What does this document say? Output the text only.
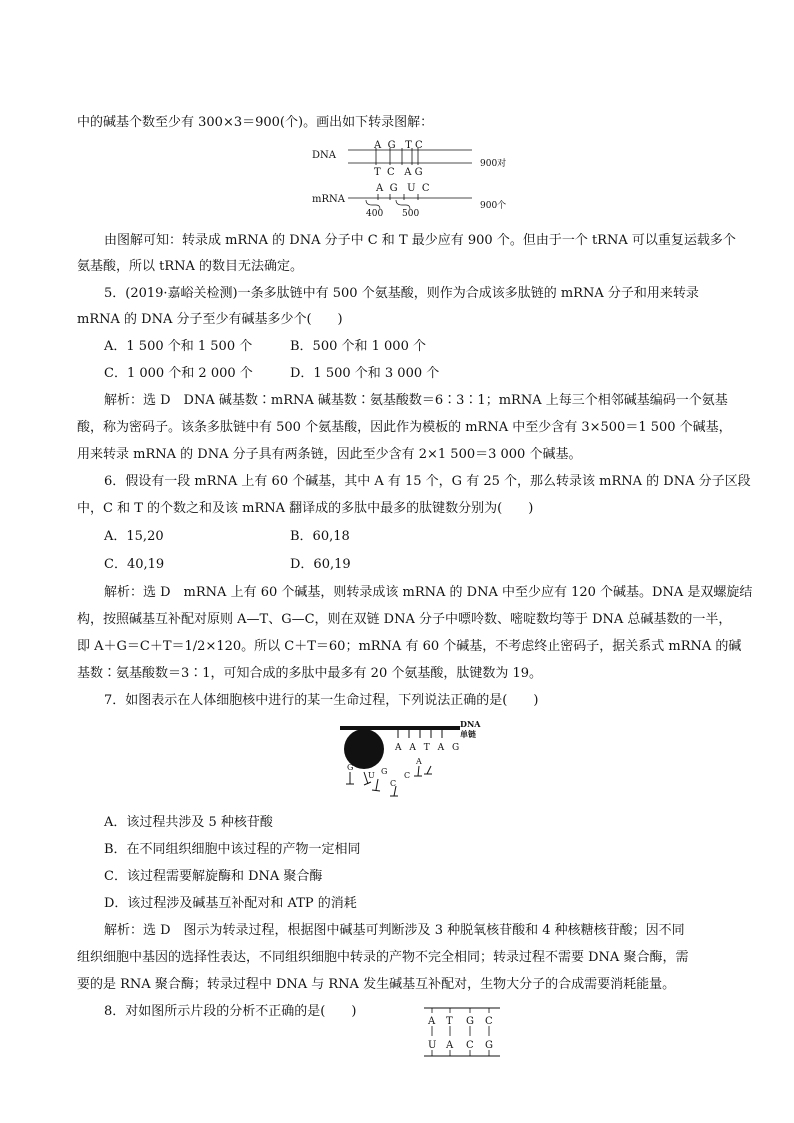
中的碱基个数至少有 300×3＝900(个)。画出如下转录图解：
DNA
A  G   T C
T  C   A G
900对
mRNA
A  G   U  C
400 500
900个
由图解可知：转录成 mRNA 的 DNA 分子中 C 和 T 最少应有 900 个。但由于一个 tRNA 可以重复运载多个
氨基酸，所以 tRNA 的数目无法确定。
5．(2019·嘉峪关检测)一条多肽链中有 500 个氨基酸，则作为合成该多肽链的 mRNA 分子和用来转录
mRNA 的 DNA 分子至少有碱基多少个(　　)
A．1 500 个和 1 500 个	B．500 个和 1 000 个
C．1 000 个和 2 000 个	D．1 500 个和 3 000 个
解析：选 D　DNA 碱基数∶mRNA 碱基数∶氨基酸数＝6∶3∶1；mRNA 上每三个相邻碱基编码一个氨基
酸，称为密码子。该条多肽链中有 500 个氨基酸，因此作为模板的 mRNA 中至少含有 3×500＝1 500 个碱基，
用来转录 mRNA 的 DNA 分子具有两条链，因此至少含有 2×1 500＝3 000 个碱基。
6．假设有一段 mRNA 上有 60 个碱基，其中 A 有 15 个，G 有 25 个，那么转录该 mRNA 的 DNA 分子区段
中，C 和 T 的个数之和及该 mRNA 翻译成的多肽中最多的肽键数分别为(　　)
A．15,20	B．60,18
C．40,19	D．60,19
解析：选 D　mRNA 上有 60 个碱基，则转录成该 mRNA 的 DNA 中至少应有 120 个碱基。DNA 是双螺旋结
构，按照碱基互补配对原则 A—T、G—C，则在双链 DNA 分子中嘌呤数、嘧啶数均等于 DNA 总碱基数的一半，
即 A＋G＝C＋T＝1/2×120。所以 C＋T＝60；mRNA 有 60 个碱基，不考虑终止密码子，据关系式 mRNA 的碱
基数∶氨基酸数＝3∶1，可知合成的多肽中最多有 20 个氨基酸，肽键数为 19。
7．如图表示在人体细胞核中进行的某一生命过程，下列说法正确的是(　　)
DNA
单链
A A T A G
A
G C
G
U
C
A．该过程共涉及 5 种核苷酸
B．在不同组织细胞中该过程的产物一定相同
C．该过程需要解旋酶和 DNA 聚合酶
D．该过程涉及碱基互补配对和 ATP 的消耗
解析：选 D　图示为转录过程，根据图中碱基可判断涉及 3 种脱氧核苷酸和 4 种核糖核苷酸；因不同
组织细胞中基因的选择性表达，不同组织细胞中转录的产物不完全相同；转录过程不需要 DNA 聚合酶，需
要的是 RNA 聚合酶；转录过程中 DNA 与 RNA 发生碱基互补配对，生物大分子的合成需要消耗能量。
8．对如图所示片段的分析不正确的是(　　)
A T G C
U A C G
